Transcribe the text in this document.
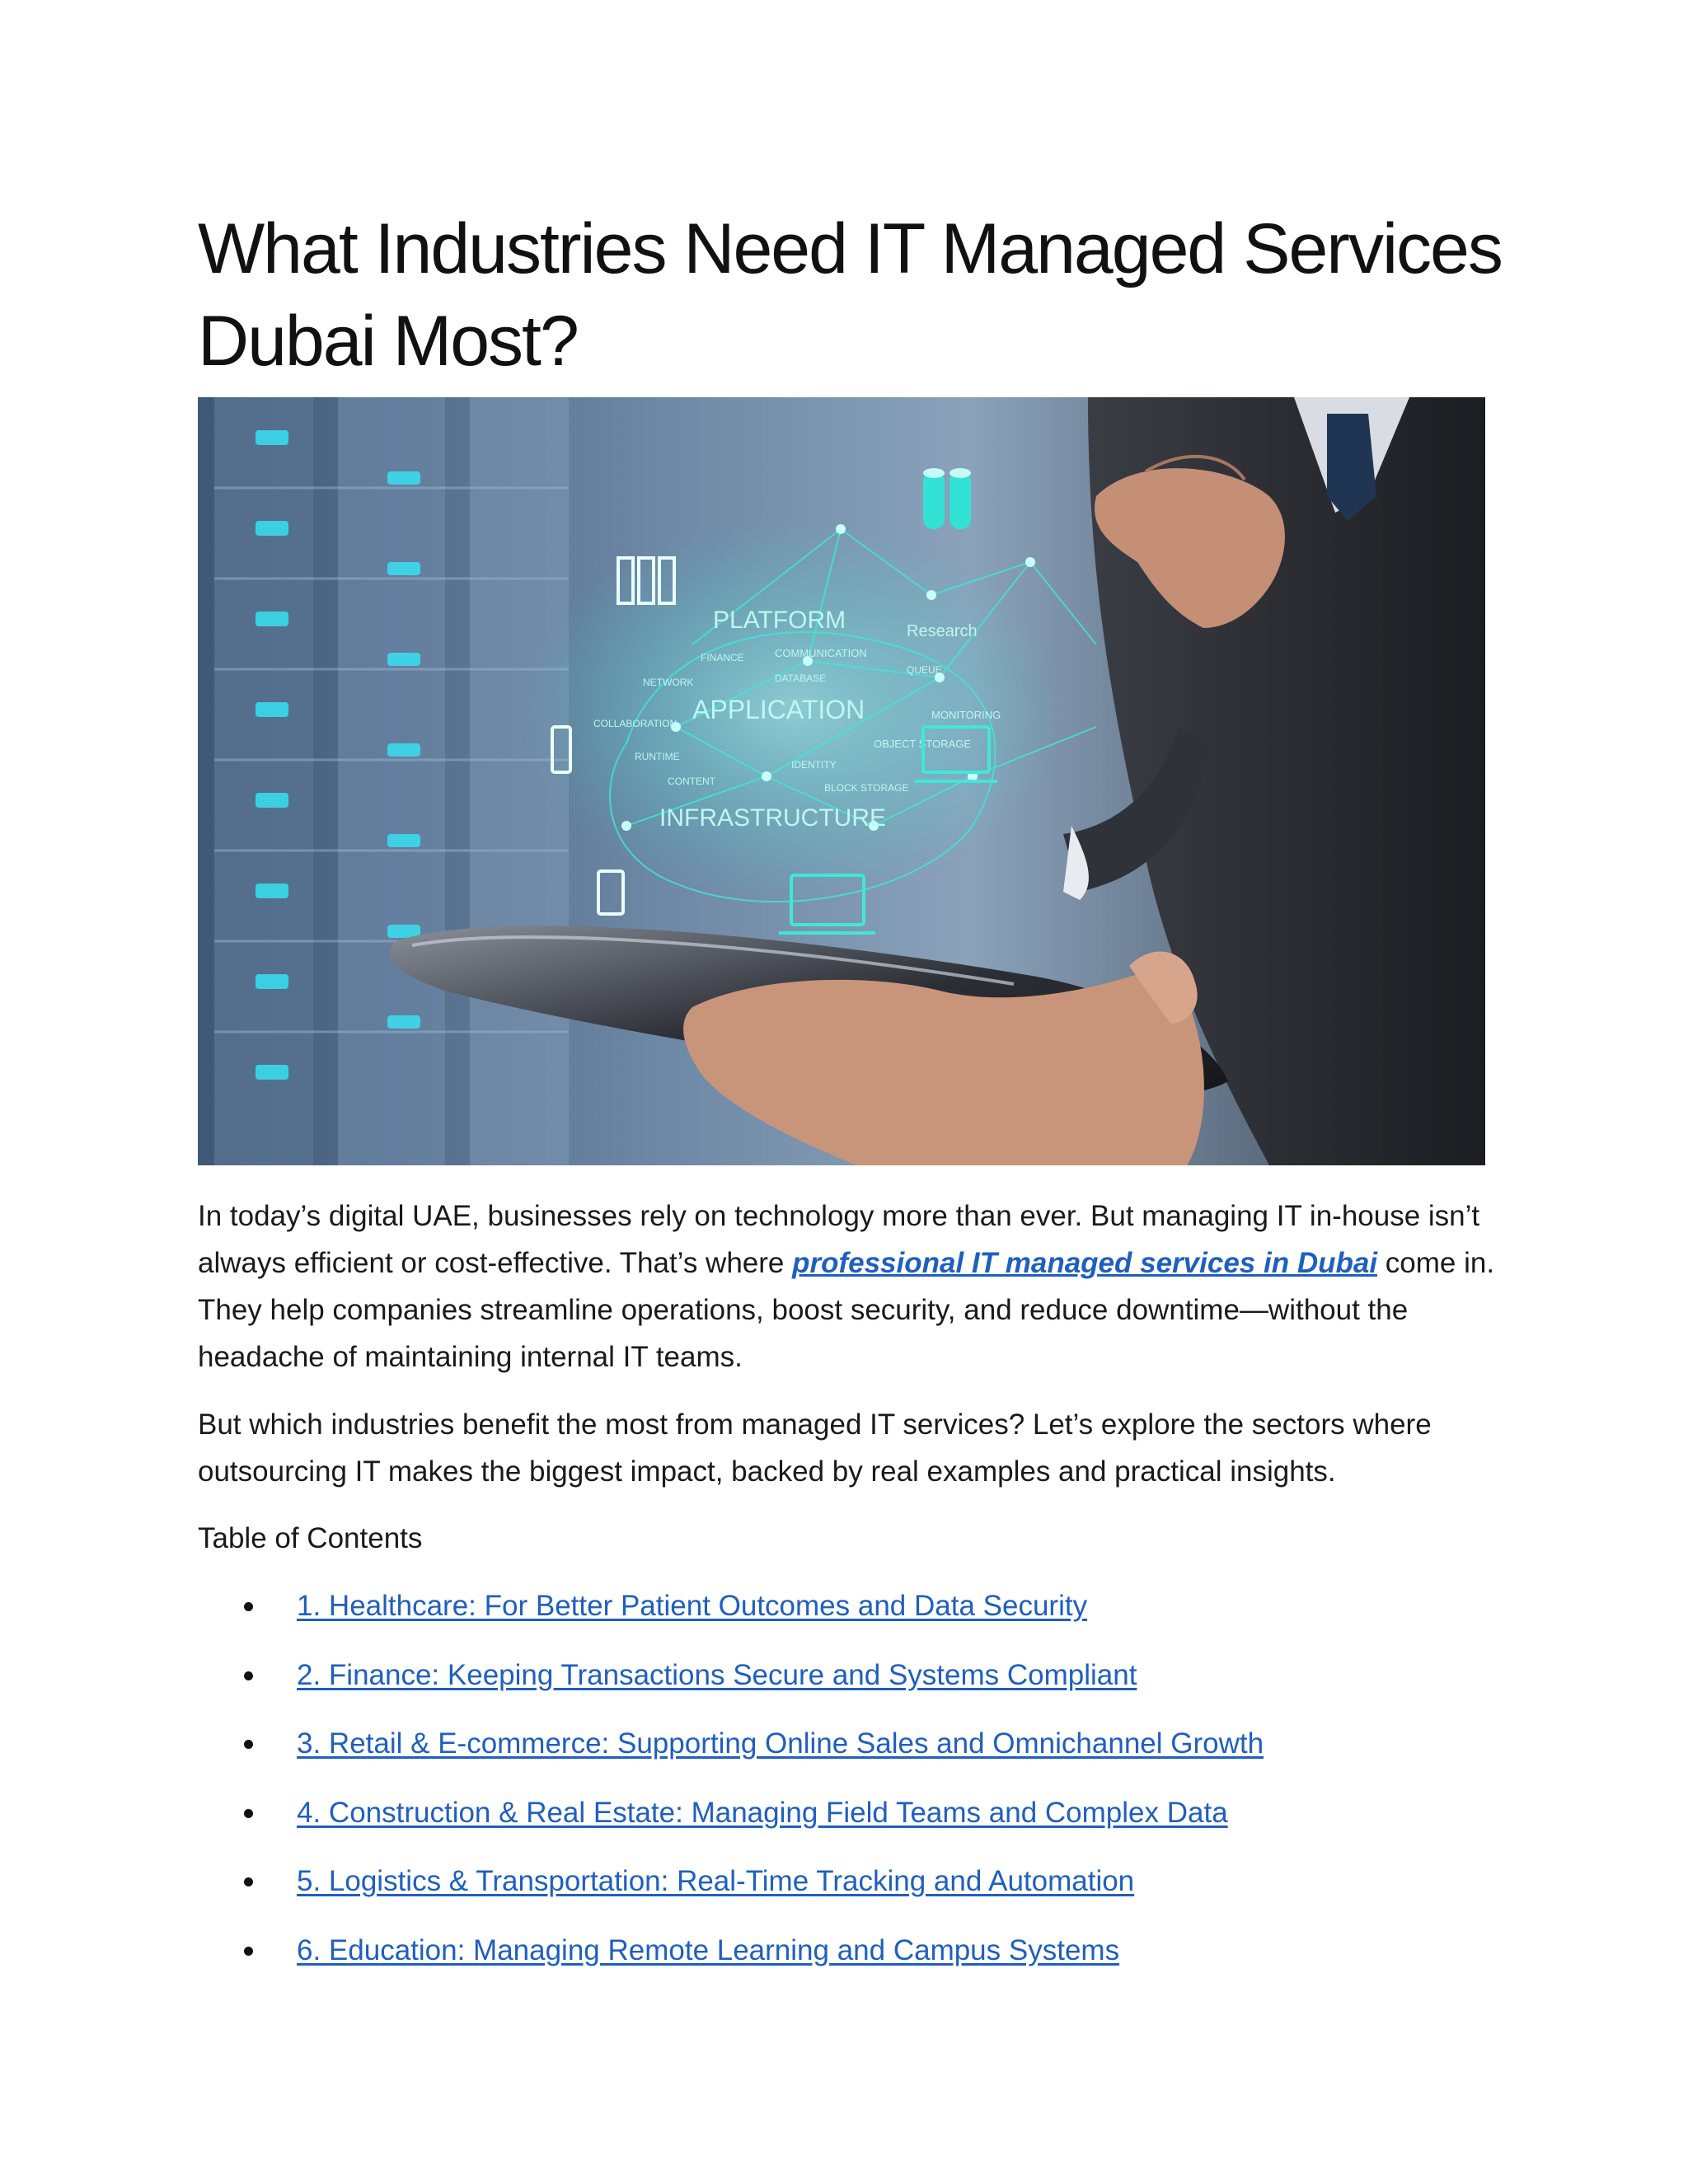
What Industries Need IT Managed Services Dubai Most?
PLATFORM
APPLICATION
INFRASTRUCTURE
Research
COMMUNICATION
MONITORING
OBJECT STORAGE
BLOCK STORAGE
FINANCE
NETWORK
IDENTITY
CONTENT
COLLABORATION
RUNTIME
DATABASE
QUEUE

In today’s digital UAE, businesses rely on technology more than ever. But managing IT in-house isn’t always efficient or cost-effective. That’s where professional IT managed services in Dubai come in. They help companies streamline operations, boost security, and reduce downtime—without the headache of maintaining internal IT teams.

But which industries benefit the most from managed IT services? Let’s explore the sectors where outsourcing IT makes the biggest impact, backed by real examples and practical insights.

Table of Contents

1. Healthcare: For Better Patient Outcomes and Data Security
2. Finance: Keeping Transactions Secure and Systems Compliant
3. Retail & E-commerce: Supporting Online Sales and Omnichannel Growth
4. Construction & Real Estate: Managing Field Teams and Complex Data
5. Logistics & Transportation: Real-Time Tracking and Automation
6. Education: Managing Remote Learning and Campus Systems
